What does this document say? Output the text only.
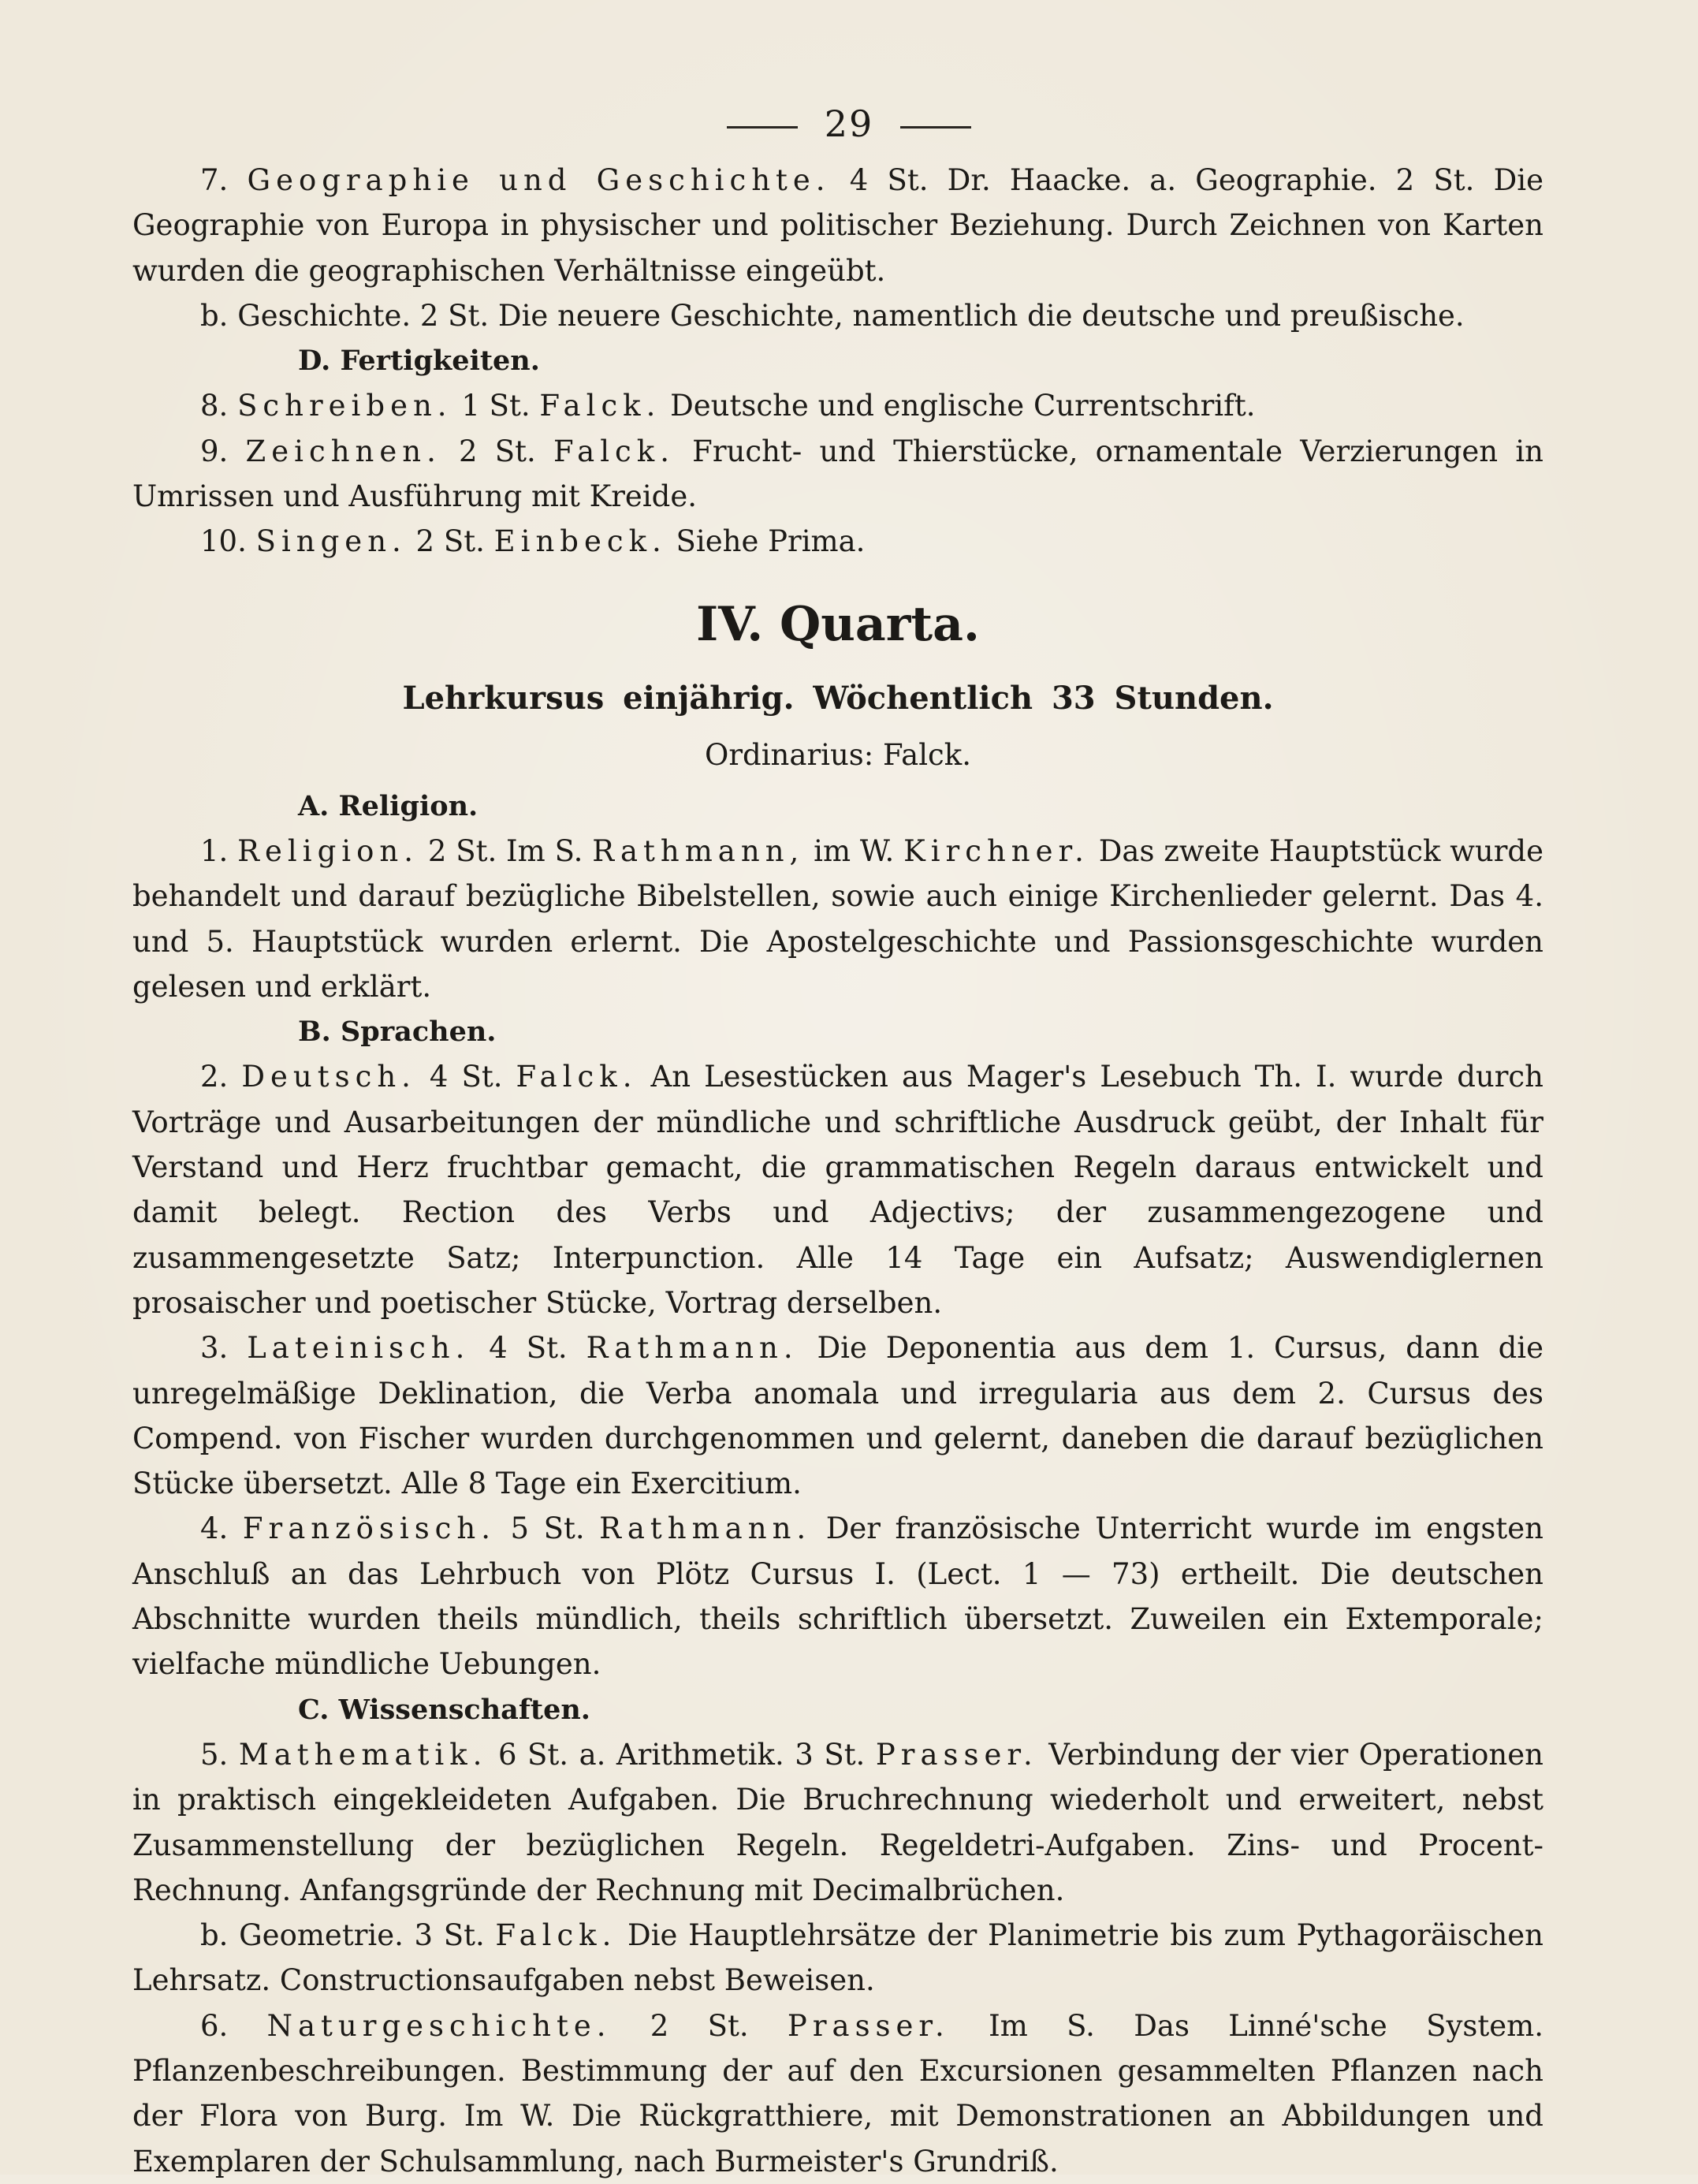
29

7. Geographie und Geschichte. 4 St. Dr. Haacke. a. Geographie. 2 St. Die Geographie von Europa in physischer und politischer Beziehung. Durch Zeichnen von Karten wurden die geographischen Verhältnisse eingeübt.

b. Geschichte. 2 St. Die neuere Geschichte, namentlich die deutsche und preußische.

D. Fertigkeiten.

8. Schreiben. 1 St. Falck. Deutsche und englische Currentschrift.

9. Zeichnen. 2 St. Falck. Frucht- und Thierstücke, ornamentale Verzierungen in Umrissen und Ausführung mit Kreide.

10. Singen. 2 St. Einbeck. Siehe Prima.

IV. Quarta.
Lehrkursus einjährig. Wöchentlich 33 Stunden.
Ordinarius: Falck.

A. Religion.

1. Religion. 2 St. Im S. Rathmann, im W. Kirchner. Das zweite Hauptstück wurde behandelt und darauf bezügliche Bibelstellen, sowie auch einige Kirchenlieder gelernt. Das 4. und 5. Hauptstück wurden erlernt. Die Apostelgeschichte und Passionsgeschichte wurden gelesen und erklärt.

B. Sprachen.

2. Deutsch. 4 St. Falck. An Lesestücken aus Mager's Lesebuch Th. I. wurde durch Vorträge und Ausarbeitungen der mündliche und schriftliche Ausdruck geübt, der Inhalt für Verstand und Herz fruchtbar gemacht, die grammatischen Regeln daraus entwickelt und damit belegt. Rection des Verbs und Adjectivs; der zusammengezogene und zusammengesetzte Satz; Interpunction. Alle 14 Tage ein Aufsatz; Auswendiglernen prosaischer und poetischer Stücke, Vortrag derselben.

3. Lateinisch. 4 St. Rathmann. Die Deponentia aus dem 1. Cursus, dann die unregelmäßige Deklination, die Verba anomala und irregularia aus dem 2. Cursus des Compend. von Fischer wurden durchgenommen und gelernt, daneben die darauf bezüglichen Stücke übersetzt. Alle 8 Tage ein Exercitium.

4. Französisch. 5 St. Rathmann. Der französische Unterricht wurde im engsten Anschluß an das Lehrbuch von Plötz Cursus I. (Lect. 1 — 73) ertheilt. Die deutschen Abschnitte wurden theils mündlich, theils schriftlich übersetzt. Zuweilen ein Extemporale; vielfache mündliche Uebungen.

C. Wissenschaften.

5. Mathematik. 6 St. a. Arithmetik. 3 St. Prasser. Verbindung der vier Operationen in praktisch eingekleideten Aufgaben. Die Bruchrechnung wiederholt und erweitert, nebst Zusammenstellung der bezüglichen Regeln. Regeldetri-Aufgaben. Zins- und Procent-Rechnung. Anfangsgründe der Rechnung mit Decimalbrüchen.

b. Geometrie. 3 St. Falck. Die Hauptlehrsätze der Planimetrie bis zum Pythagoräischen Lehrsatz. Constructionsaufgaben nebst Beweisen.

6. Naturgeschichte. 2 St. Prasser. Im S. Das Linné'sche System. Pflanzenbeschreibungen. Bestimmung der auf den Excursionen gesammelten Pflanzen nach der Flora von Burg. Im W. Die Rückgratthiere, mit Demonstrationen an Abbildungen und Exemplaren der Schulsammlung, nach Burmeister's Grundriß.
